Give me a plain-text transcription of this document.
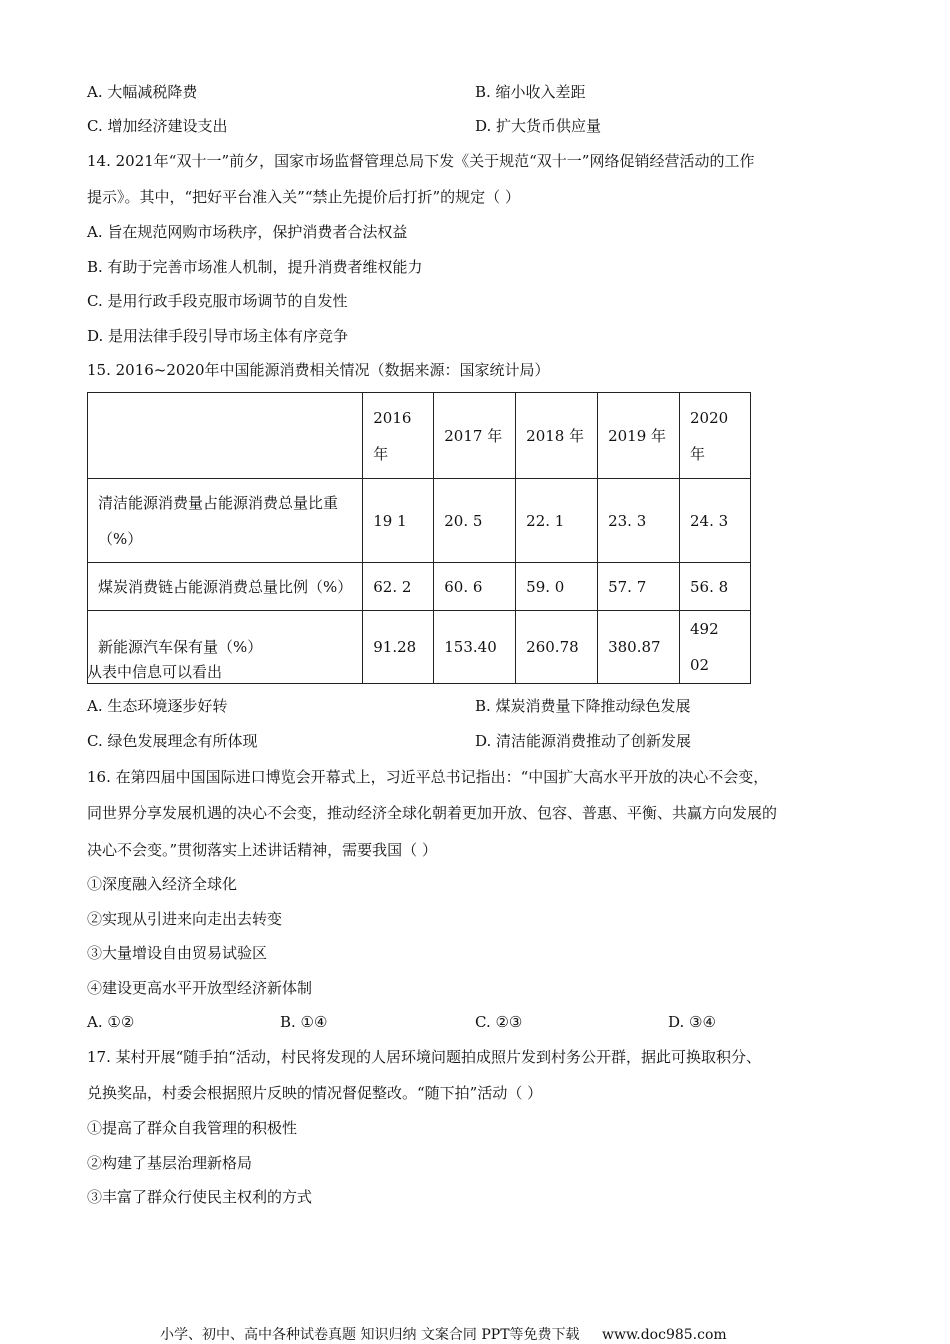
A. 大幅减税降费	B. 缩小收入差距
C. 增加经济建设支出	D. 扩大货币供应量
14. 2021年“双十一”前夕，国家市场监督管理总局下发《关于规范“双十一”网络促销经营活动的工作
提示》。其中，“把好平台准入关”“禁止先提价后打折”的规定（ ）
A. 旨在规范网购市场秩序，保护消费者合法权益
B. 有助于完善市场准人机制，提升消费者维权能力
C. 是用行政手段克服市场调节的自发性
D. 是用法律手段引导市场主体有序竞争
15. 2016~2020年中国能源消费相关情况（数据来源：国家统计局）
	2016年	2017 年	2018 年	2019 年	2020年
清洁能源消费量占能源消费总量比重（%）	19 1	20. 5	22. 1	23. 3	24. 3
煤炭消费链占能源消费总量比例（%）	62. 2	60. 6	59. 0	57. 7	56. 8
新能源汽车保有量（%）	91.28	153.40	260.78	380.87	492 02
从表中信息可以看出
A. 生态环境逐步好转	B. 煤炭消费量下降推动绿色发展
C. 绿色发展理念有所体现	D. 清洁能源消费推动了创新发展
16. 在第四届中国国际进口博览会开幕式上，习近平总书记指出：“中国扩大高水平开放的决心不会变，
同世界分享发展机遇的决心不会变，推动经济全球化朝着更加开放、包容、普惠、平衡、共赢方向发展的
决心不会变。”贯彻落实上述讲话精神，需要我国（ ）
①深度融入经济全球化
②实现从引进来向走出去转变
③大量增设自由贸易试验区
④建设更高水平开放型经济新体制
A. ①②	B. ①④	C. ②③	D. ③④
17. 某村开展“随手拍“活动，村民将发现的人居环境问题拍成照片发到村务公开群，据此可换取积分、
兑换奖品，村委会根据照片反映的情况督促整改。“随下拍”活动（ ）
①提高了群众自我管理的积极性
②构建了基层治理新格局
③丰富了群众行使民主权利的方式
小学、初中、高中各种试卷真题 知识归纳 文案合同 PPT等免费下载 www.doc985.com
